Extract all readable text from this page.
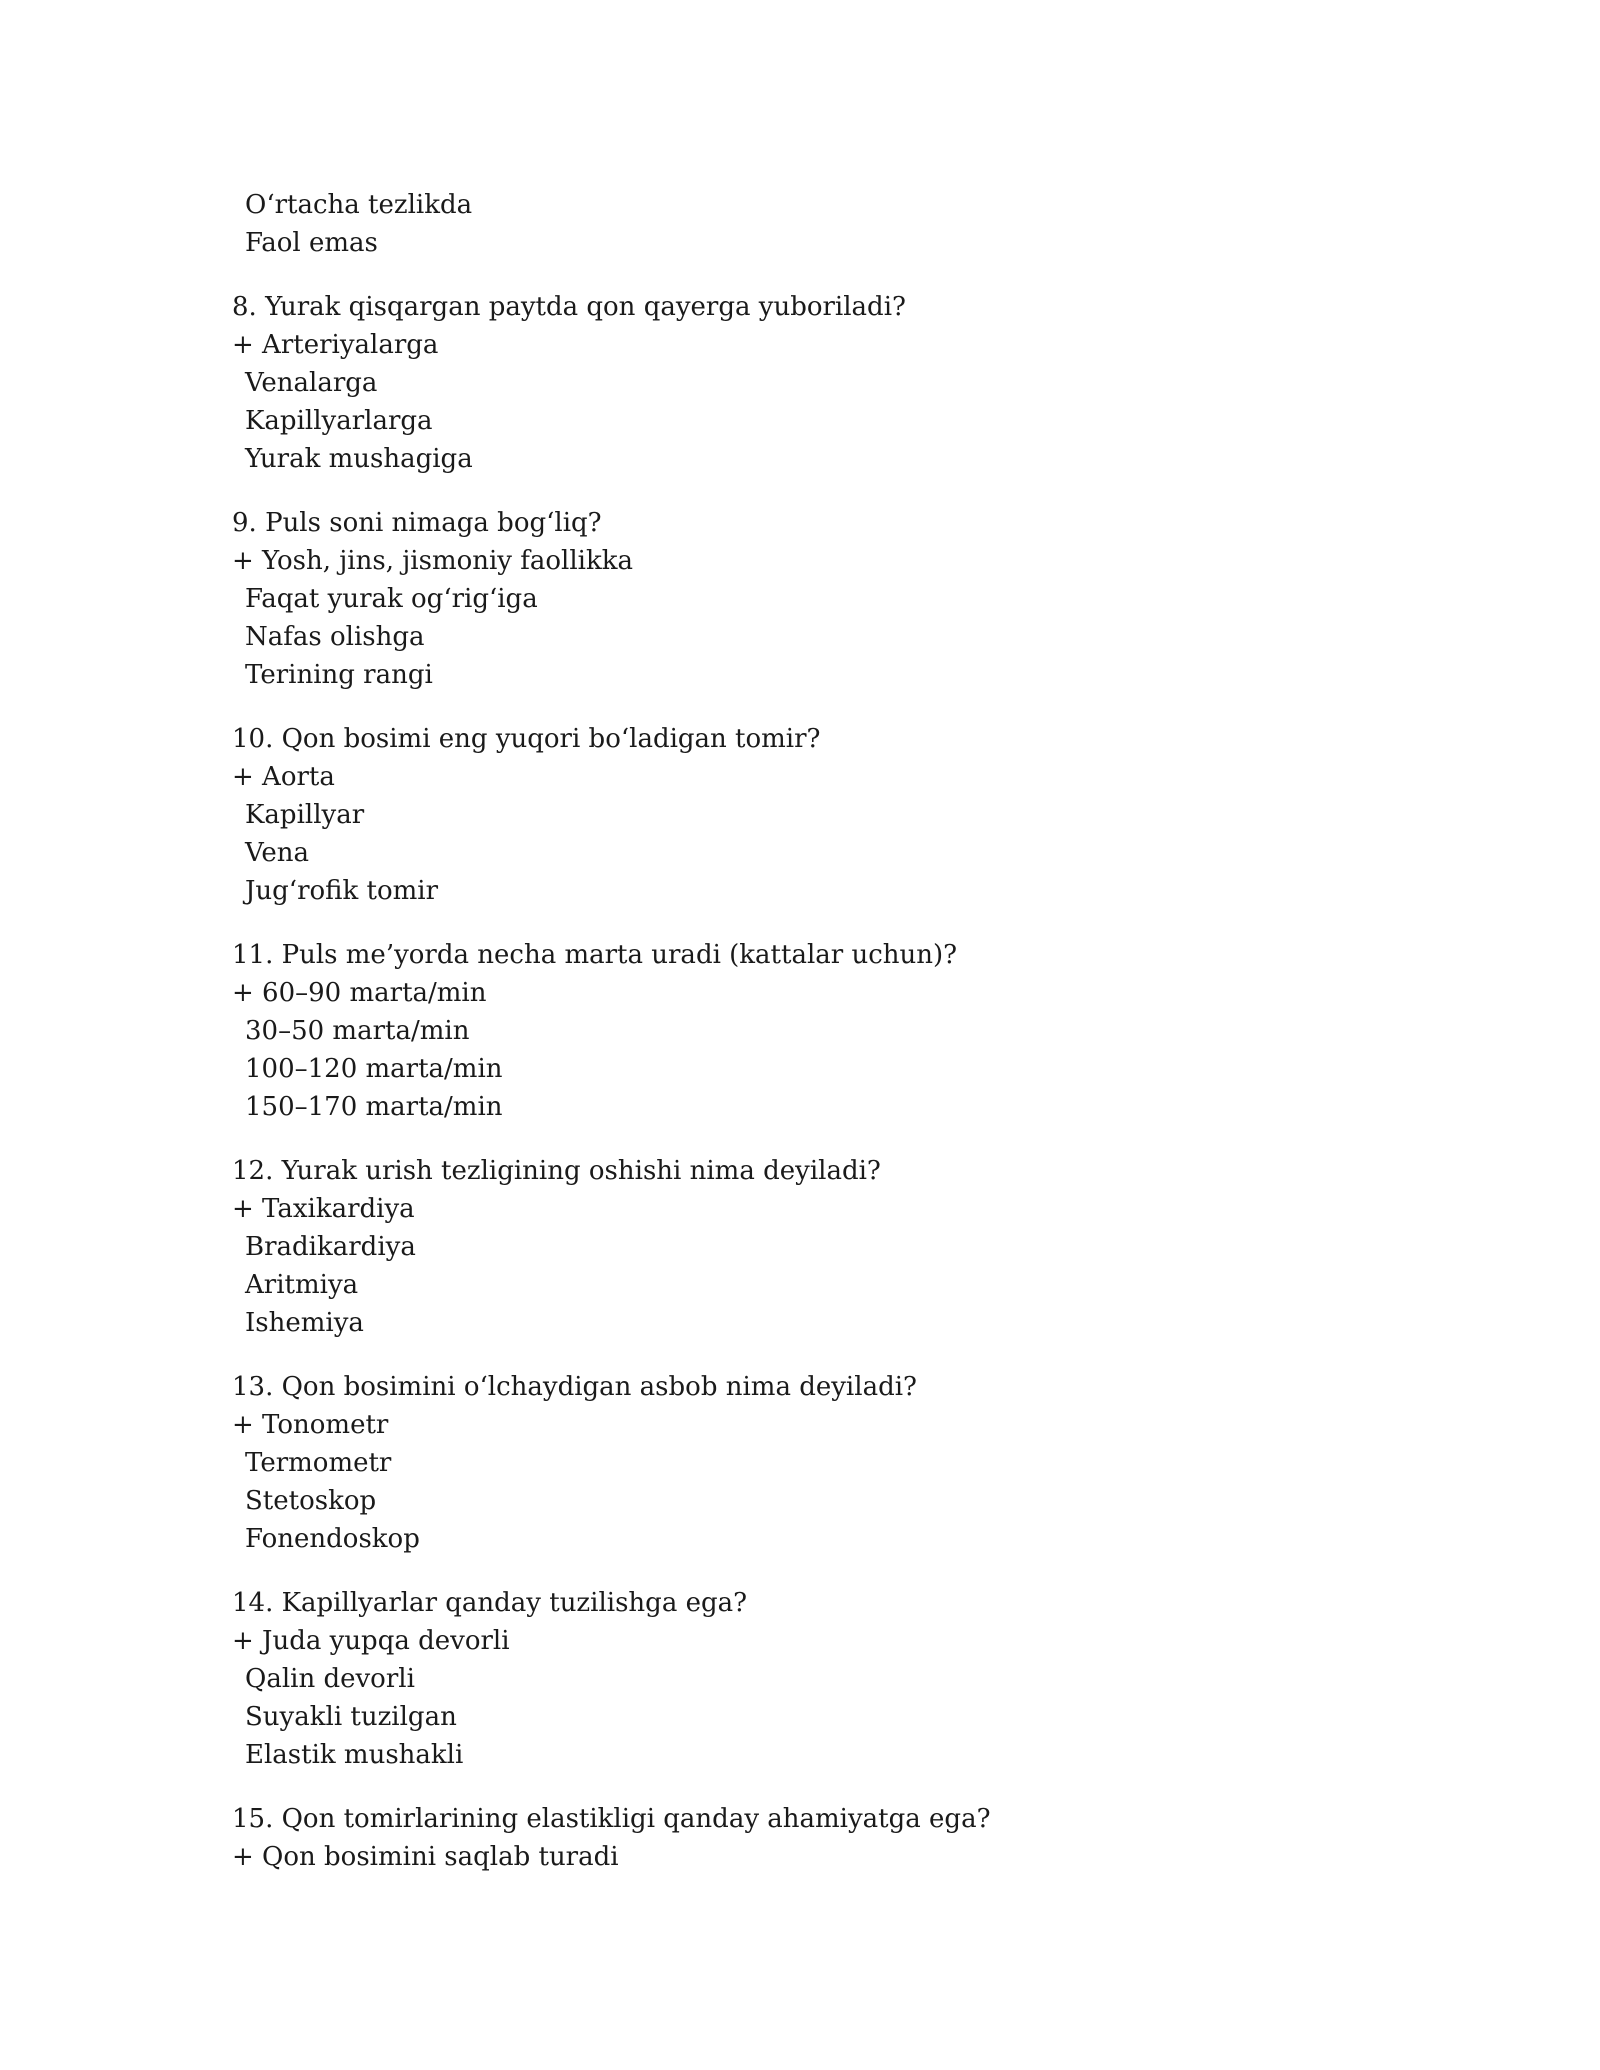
O‘rtacha tezlikda
Faol emas
8. Yurak qisqargan paytda qon qayerga yuboriladi?
+ Arteriyalarga
Venalarga
Kapillyarlarga
Yurak mushagiga
9. Puls soni nimaga bog‘liq?
+ Yosh, jins, jismoniy faollikka
Faqat yurak og‘rig‘iga
Nafas olishga
Terining rangi
10. Qon bosimi eng yuqori bo‘ladigan tomir?
+ Aorta
Kapillyar
Vena
Jug‘rofik tomir
11. Puls me’yorda necha marta uradi (kattalar uchun)?
+ 60–90 marta/min
30–50 marta/min
100–120 marta/min
150–170 marta/min
12. Yurak urish tezligining oshishi nima deyiladi?
+ Taxikardiya
Bradikardiya
Aritmiya
Ishemiya
13. Qon bosimini o‘lchaydigan asbob nima deyiladi?
+ Tonometr
Termometr
Stetoskop
Fonendoskop
14. Kapillyarlar qanday tuzilishga ega?
+ Juda yupqa devorli
Qalin devorli
Suyakli tuzilgan
Elastik mushakli
15. Qon tomirlarining elastikligi qanday ahamiyatga ega?
+ Qon bosimini saqlab turadi
